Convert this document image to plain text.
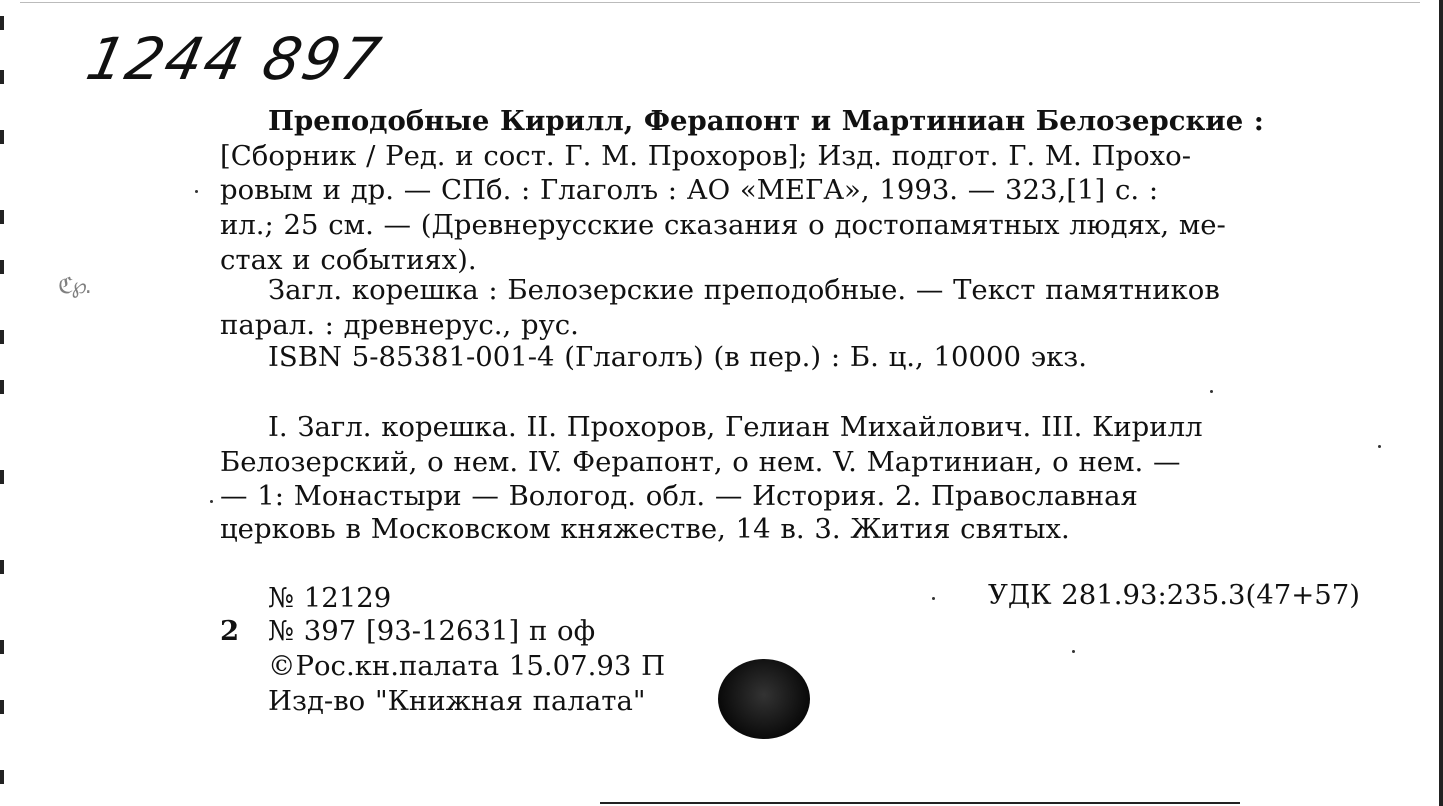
1244 897
ℭ℘.
Преподобные Кирилл, Ферапонт и Мартиниан Белозерские :
[Сборник / Ред. и сост. Г. М. Прохоров]; Изд. подгот. Г. М. Прохо-
ровым и др. — СПб. : Глаголъ : АО «МЕГА», 1993. — 323,[1] с. :
ил.; 25 см. — (Древнерусские сказания о достопамятных людях, ме-
стах и событиях).
Загл. корешка : Белозерские преподобные. — Текст памятников
парал. : древнерус., рус.
ISBN 5-85381-001-4 (Глаголъ) (в пер.) : Б. ц., 10000 экз.
I. Загл. корешка. II. Прохоров, Гелиан Михайлович. III. Кирилл
Белозерский, о нем. IV. Ферапонт, о нем. V. Мартиниан, о нем. —
— 1: Монастыри — Вологод. обл. — История. 2. Православная
церковь в Московском княжестве, 14 в. 3. Жития святых.
№ 12129	УДК 281.93:235.3(47+57)
2 № 397 [93-12631] п оф
©Рос.кн.палата 15.07.93 П
Изд-во "Книжная палата"
